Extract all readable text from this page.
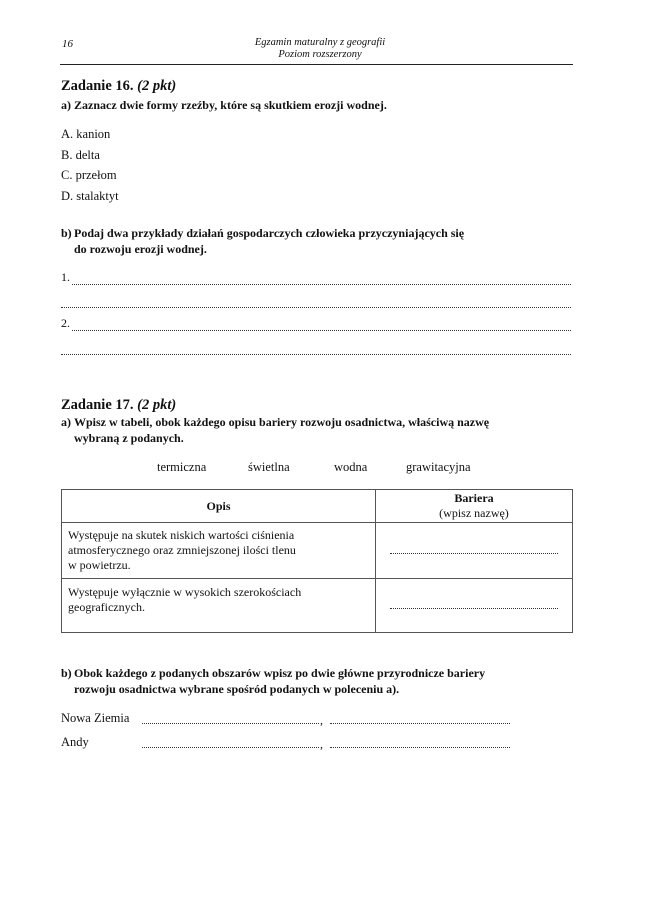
16	Egzamin maturalny z geografii
Poziom rozszerzony
Zadanie 16. (2 pkt)
a) Zaznacz dwie formy rzeźby, które są skutkiem erozji wodnej.
A. kanion
B. delta
C. przełom
D. stalaktyt
b) Podaj dwa przykłady działań gospodarczych człowieka przyczyniających się
do rozwoju erozji wodnej.
1.
2.
Zadanie 17. (2 pkt)
a) Wpisz w tabeli, obok każdego opisu bariery rozwoju osadnictwa, właściwą nazwę
wybraną z podanych.
termiczna	świetlna	wodna	grawitacyjna
Opis	Bariera
(wpisz nazwę)

Występuje na skutek niskich wartości ciśnienia
atmosferycznego oraz zmniejszonej ilości tlenu
w powietrzu.	

Występuje wyłącznie w wysokich szerokościach
geograficznych.	

b) Obok każdego z podanych obszarów wpisz po dwie główne przyrodnicze bariery
rozwoju osadnictwa wybrane spośród podanych w poleceniu a).
Nowa Ziemia	,
Andy	,
